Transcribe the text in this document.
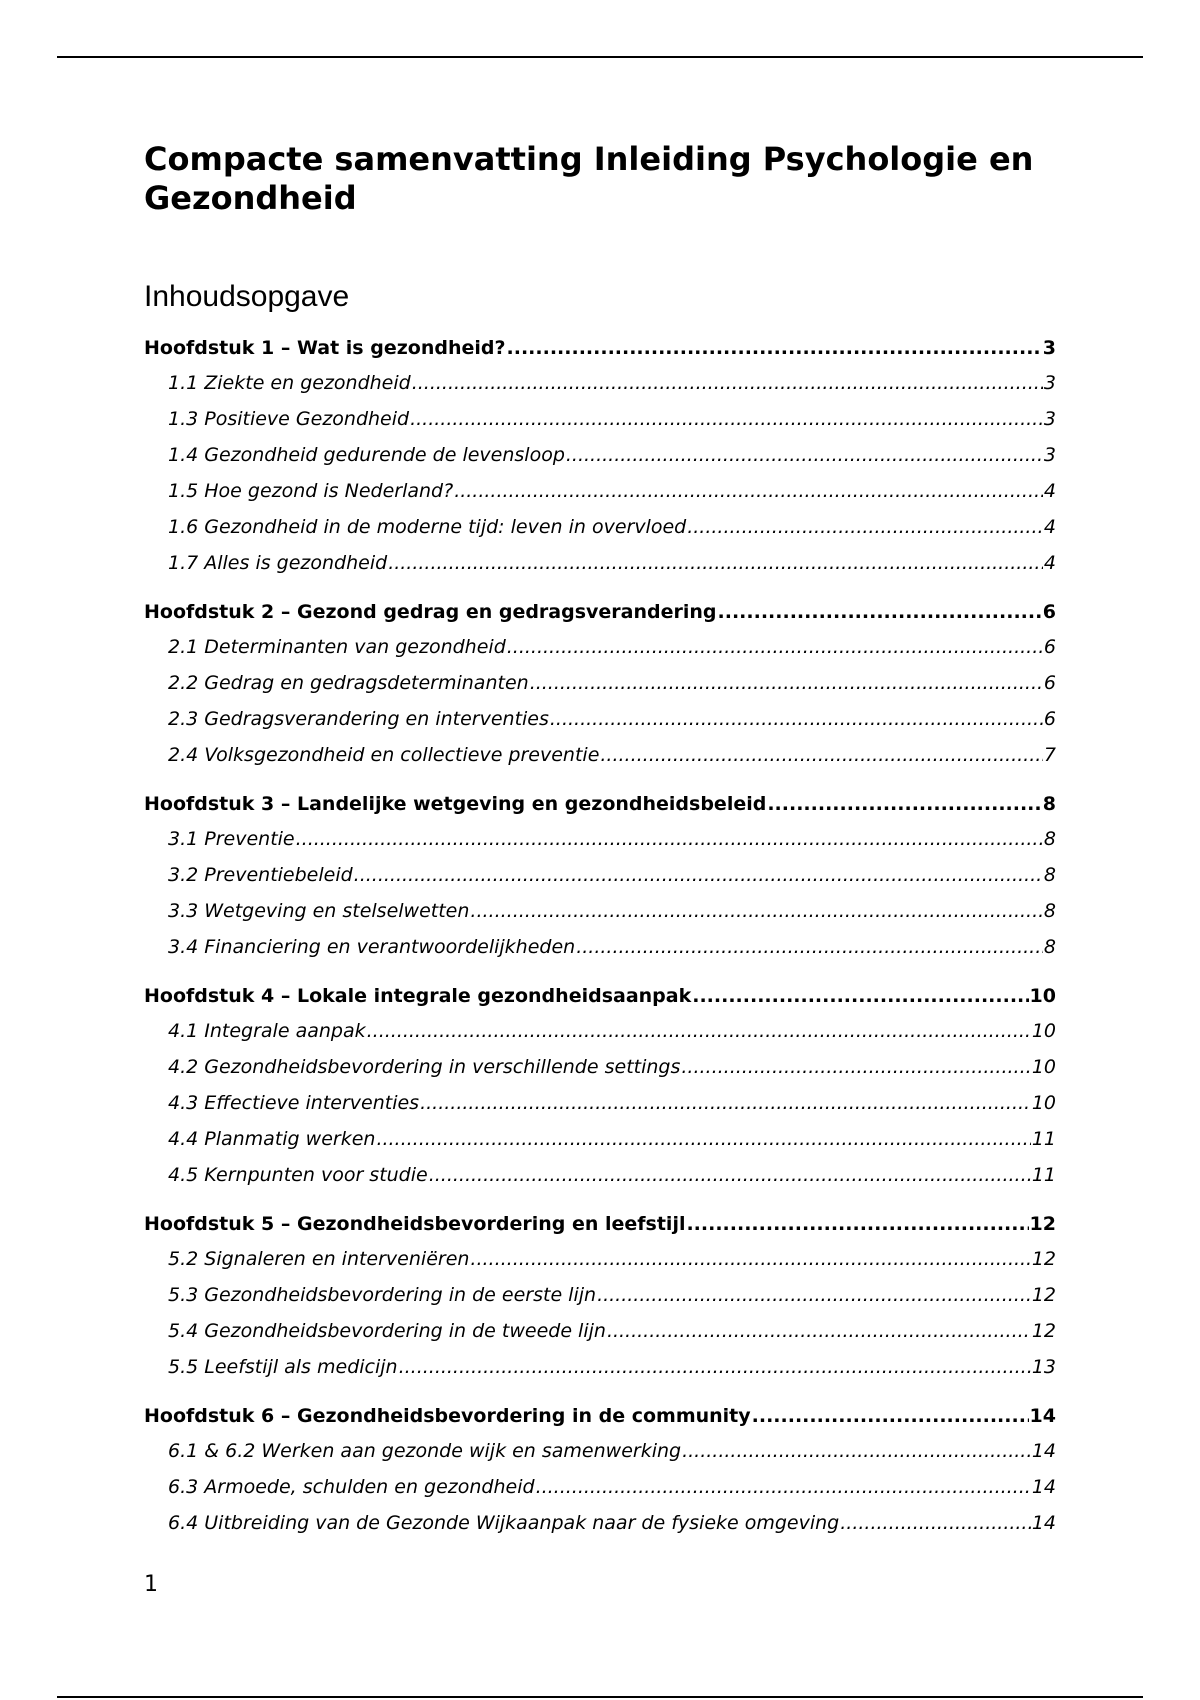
Compacte samenvatting Inleiding Psychologie en Gezondheid
Inhoudsopgave
Hoofdstuk 1 – Wat is gezondheid? .....	3
1.1 Ziekte en gezondheid .....	3
1.3 Positieve Gezondheid .....	3
1.4 Gezondheid gedurende de levensloop .....	3
1.5 Hoe gezond is Nederland? .....	4
1.6 Gezondheid in de moderne tijd: leven in overvloed .....	4
1.7 Alles is gezondheid .....	4
Hoofdstuk 2 – Gezond gedrag en gedragsverandering .....	6
2.1 Determinanten van gezondheid .....	6
2.2 Gedrag en gedragsdeterminanten .....	6
2.3 Gedragsverandering en interventies .....	6
2.4 Volksgezondheid en collectieve preventie .....	7
Hoofdstuk 3 – Landelijke wetgeving en gezondheidsbeleid .....	8
3.1 Preventie .....	8
3.2 Preventiebeleid .....	8
3.3 Wetgeving en stelselwetten .....	8
3.4 Financiering en verantwoordelijkheden .....	8
Hoofdstuk 4 – Lokale integrale gezondheidsaanpak .....	10
4.1 Integrale aanpak .....	10
4.2 Gezondheidsbevordering in verschillende settings .....	10
4.3 Effectieve interventies .....	10
4.4 Planmatig werken .....	11
4.5 Kernpunten voor studie .....	11
Hoofdstuk 5 – Gezondheidsbevordering en leefstijl .....	12
5.2 Signaleren en interveniëren .....	12
5.3 Gezondheidsbevordering in de eerste lijn .....	12
5.4 Gezondheidsbevordering in de tweede lijn .....	12
5.5 Leefstijl als medicijn .....	13
Hoofdstuk 6 – Gezondheidsbevordering in de community .....	14
6.1 & 6.2 Werken aan gezonde wijk en samenwerking .....	14
6.3 Armoede, schulden en gezondheid .....	14
6.4 Uitbreiding van de Gezonde Wijkaanpak naar de fysieke omgeving .....	14
1
